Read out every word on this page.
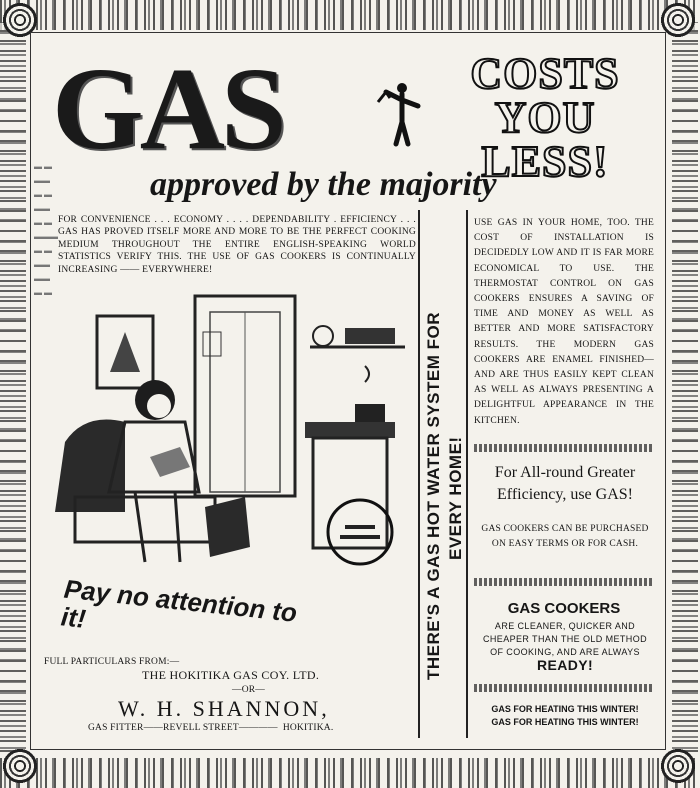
▬ ▬
▬▬
▬ ▬
▬▬
▬ ▬
▬▬▬
▬ ▬
▬▬
▬▬
▬ ▬
GAS	COSTS
YOU
LESS!
approved by the majority
FOR CONVENIENCE . . . ECONOMY . . . . DEPENDABILITY . EFFICIENCY . . . GAS HAS PROVED ITSELF MORE AND MORE TO BE THE PERFECT COOKING MEDIUM THROUGHOUT THE ENTIRE ENGLISH-SPEAKING WORLD STATISTICS VERIFY THIS. THE USE OF GAS COOKERS IS CONTINUALLY INCREASING —— EVERYWHERE!
Pay no attention to it!
FULL PARTICULARS FROM:—
THE HOKITIKA GAS COY. LTD.
—OR—
W. H. SHANNON,
GAS FITTER——REVELL STREET————  HOKITIKA.
THERE'S A GAS HOT WATER SYSTEM FOR EVERY HOME!
USE GAS IN YOUR HOME, TOO. THE COST OF INSTALLATION IS DECIDEDLY LOW AND IT IS FAR MORE ECONOMICAL TO USE. THE THERMOSTAT CONTROL ON GAS COOKERS ENSURES A SAVING OF TIME AND MONEY AS WELL AS BETTER AND MORE SATISFACTORY RESULTS. THE MODERN GAS COOKERS ARE ENAMEL FINISHED—AND ARE THUS EASILY KEPT CLEAN AS WELL AS ALWAYS PRESENTING A DELIGHTFUL APPEARANCE IN THE KITCHEN.
For All-round Greater Efficiency, use GAS!
GAS COOKERS CAN BE PURCHASED ON EASY TERMS OR FOR CASH.
GAS COOKERS
ARE CLEANER, QUICKER AND CHEAPER THAN THE OLD METHOD OF COOKING, AND ARE ALWAYS READY!
GAS FOR HEATING THIS WINTER!
GAS FOR HEATING THIS WINTER!
